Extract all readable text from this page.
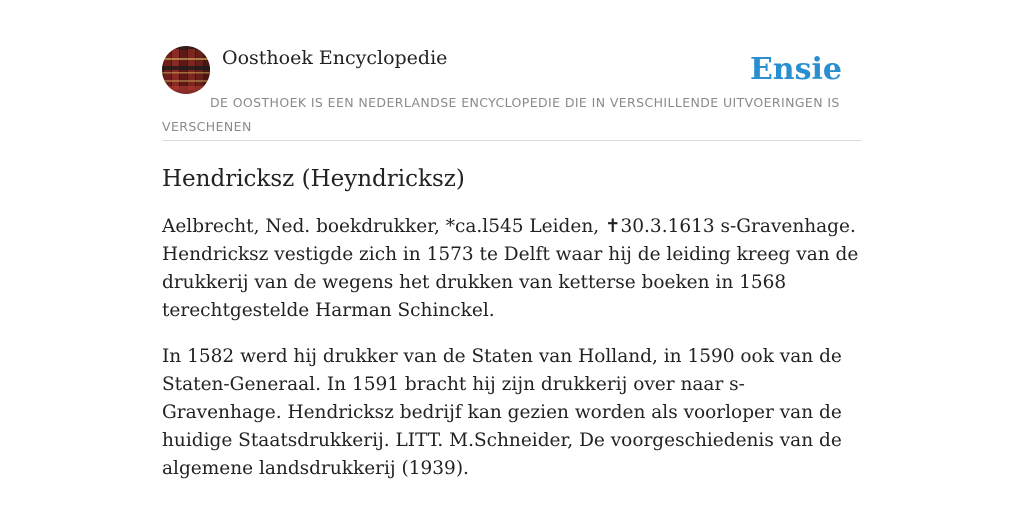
Oosthoek Encyclopedie	Ensie
DE OOSTHOEK IS EEN NEDERLANDSE ENCYCLOPEDIE DIE IN VERSCHILLENDE UITVOERINGEN IS VERSCHENEN
Hendricksz (Heyndricksz)

Aelbrecht, Ned. boekdrukker, *ca.l545 Leiden, ✝30.3.1613 s-Gravenhage. Hendricksz vestigde zich in 1573 te Delft waar hij de leiding kreeg van de drukkerij van de wegens het drukken van ketterse boeken in 1568 terechtgestelde Harman Schinckel.

In 1582 werd hij drukker van de Staten van Holland, in 1590 ook van de Staten-Generaal. In 1591 bracht hij zijn drukkerij over naar s-Gravenhage. Hendricksz bedrijf kan gezien worden als voorloper van de huidige Staatsdrukkerij. LITT. M.Schneider, De voorgeschiedenis van de algemene landsdrukkerij (1939).
